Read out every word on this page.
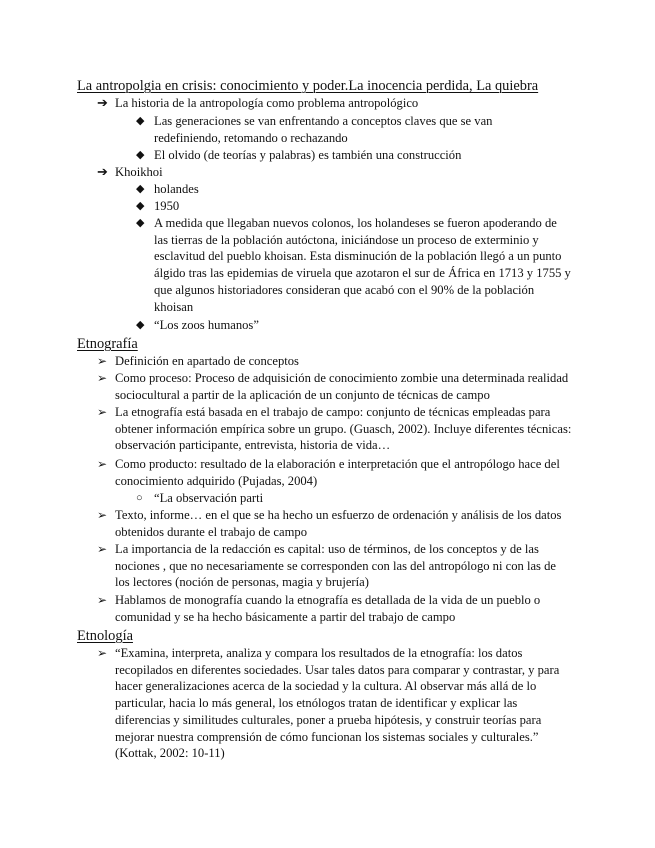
La antropolgia en crisis: conocimiento y poder.La inocencia perdida, La quiebra
➔ La historia de la antropología como problema antropológico
◆ Las generaciones se van enfrentando a conceptos claves que se van redefiniendo, retomando o rechazando
◆ El olvido (de teorías y palabras) es también una construcción
➔ Khoikhoi
◆ holandes
◆ 1950
◆ A medida que llegaban nuevos colonos, los holandeses se fueron apoderando de las tierras de la población autóctona, iniciándose un proceso de exterminio y esclavitud del pueblo khoisan. Esta disminución de la población llegó a un punto álgido tras las epidemias de viruela que azotaron el sur de África en 1713 y 1755 y que algunos historiadores consideran que acabó con el 90% de la población khoisan
◆ “Los zoos humanos”
Etnografía
➢ Definición en apartado de conceptos
➢ Como proceso: Proceso de adquisición de conocimiento zombie una determinada realidad sociocultural a partir de la aplicación de un conjunto de técnicas de campo
➢ La etnografía está basada en el trabajo de campo: conjunto de técnicas empleadas para obtener información empírica sobre un grupo. (Guasch, 2002). Incluye diferentes técnicas: observación participante, entrevista, historia de vida…
➢ Como producto: resultado de la elaboración e interpretación que el antropólogo hace del conocimiento adquirido (Pujadas, 2004)
○ “La observación parti
➢ Texto, informe… en el que se ha hecho un esfuerzo de ordenación y análisis de los datos obtenidos durante el trabajo de campo
➢ La importancia de la redacción es capital: uso de términos, de los conceptos y de las nociones , que no necesariamente se corresponden con las del antropólogo ni con las de los lectores (noción de personas, magia y brujería)
➢ Hablamos de monografía cuando la etnografía es detallada de la vida de un pueblo o comunidad y se ha hecho básicamente a partir del trabajo de campo
Etnología
➢ “Examina, interpreta, analiza y compara los resultados de la etnografía: los datos recopilados en diferentes sociedades. Usar tales datos para comparar y contrastar, y para hacer generalizaciones acerca de la sociedad y la cultura. Al observar más allá de lo particular, hacia lo más general, los etnólogos tratan de identificar y explicar las diferencias y similitudes culturales, poner a prueba hipótesis, y construir teorías para mejorar nuestra comprensión de cómo funcionan los sistemas sociales y culturales.” (Kottak, 2002: 10-11)
